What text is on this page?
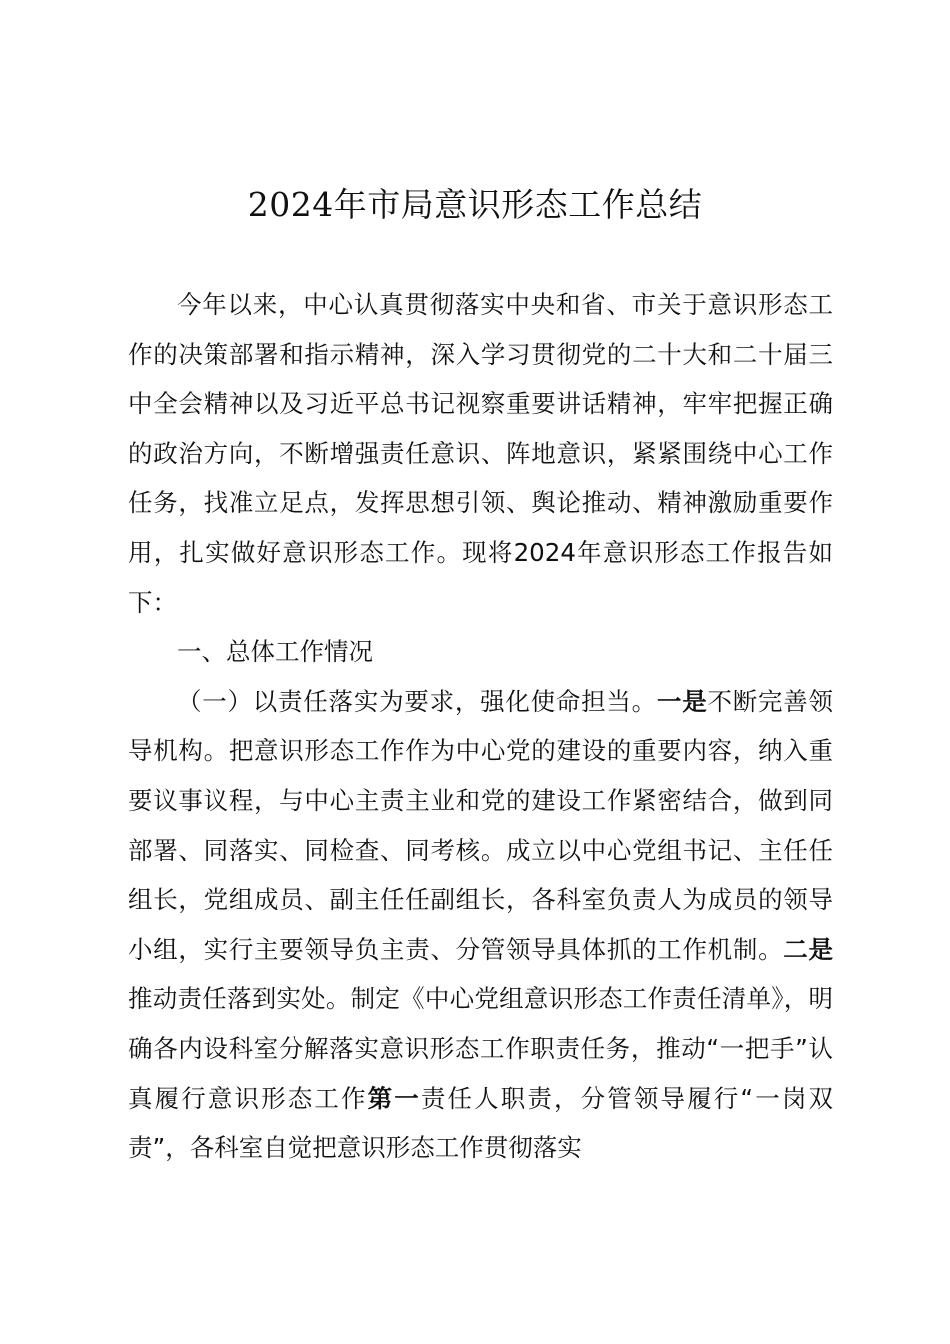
2024年市局意识形态工作总结

今年以来，中心认真贯彻落实中央和省、市关于意识形态工作的决策部署和指示精神，深入学习贯彻党的二十大和二十届三中全会精神以及习近平总书记视察重要讲话精神，牢牢把握正确的政治方向，不断增强责任意识、阵地意识，紧紧围绕中心工作任务，找准立足点，发挥思想引领、舆论推动、精神激励重要作用，扎实做好意识形态工作。现将2024年意识形态工作报告如下：

一、总体工作情况

（一）以责任落实为要求，强化使命担当。一是不断完善领导机构。把意识形态工作作为中心党的建设的重要内容，纳入重要议事议程，与中心主责主业和党的建设工作紧密结合，做到同部署、同落实、同检查、同考核。成立以中心党组书记、主任任组长，党组成员、副主任任副组长，各科室负责人为成员的领导小组，实行主要领导负主责、分管领导具体抓的工作机制。二是推动责任落到实处。制定《中心党组意识形态工作责任清单》，明确各内设科室分解落实意识形态工作职责任务，推动“一把手”认真履行意识形态工作第一责任人职责，分管领导履行“一岗双责”，各科室自觉把意识形态工作贯彻落实
